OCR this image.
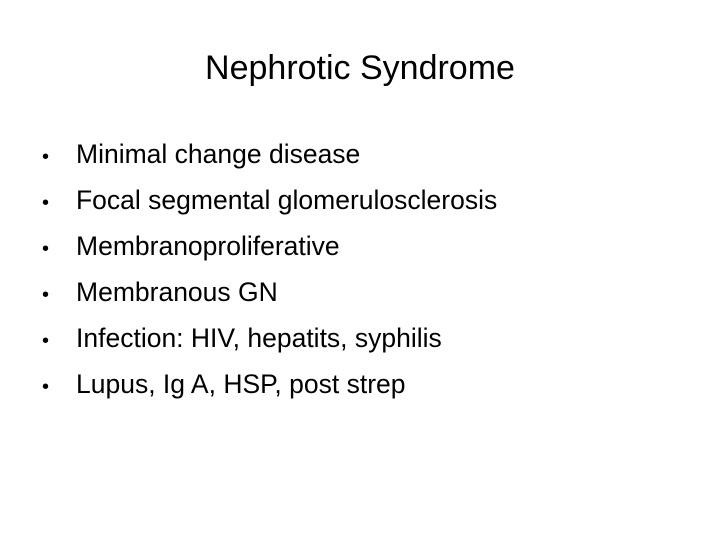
Nephrotic Syndrome
•	Minimal change disease
•	Focal segmental glomerulosclerosis
•	Membranoproliferative
•	Membranous GN
•	Infection: HIV, hepatits, syphilis
•	Lupus, Ig A, HSP, post strep
